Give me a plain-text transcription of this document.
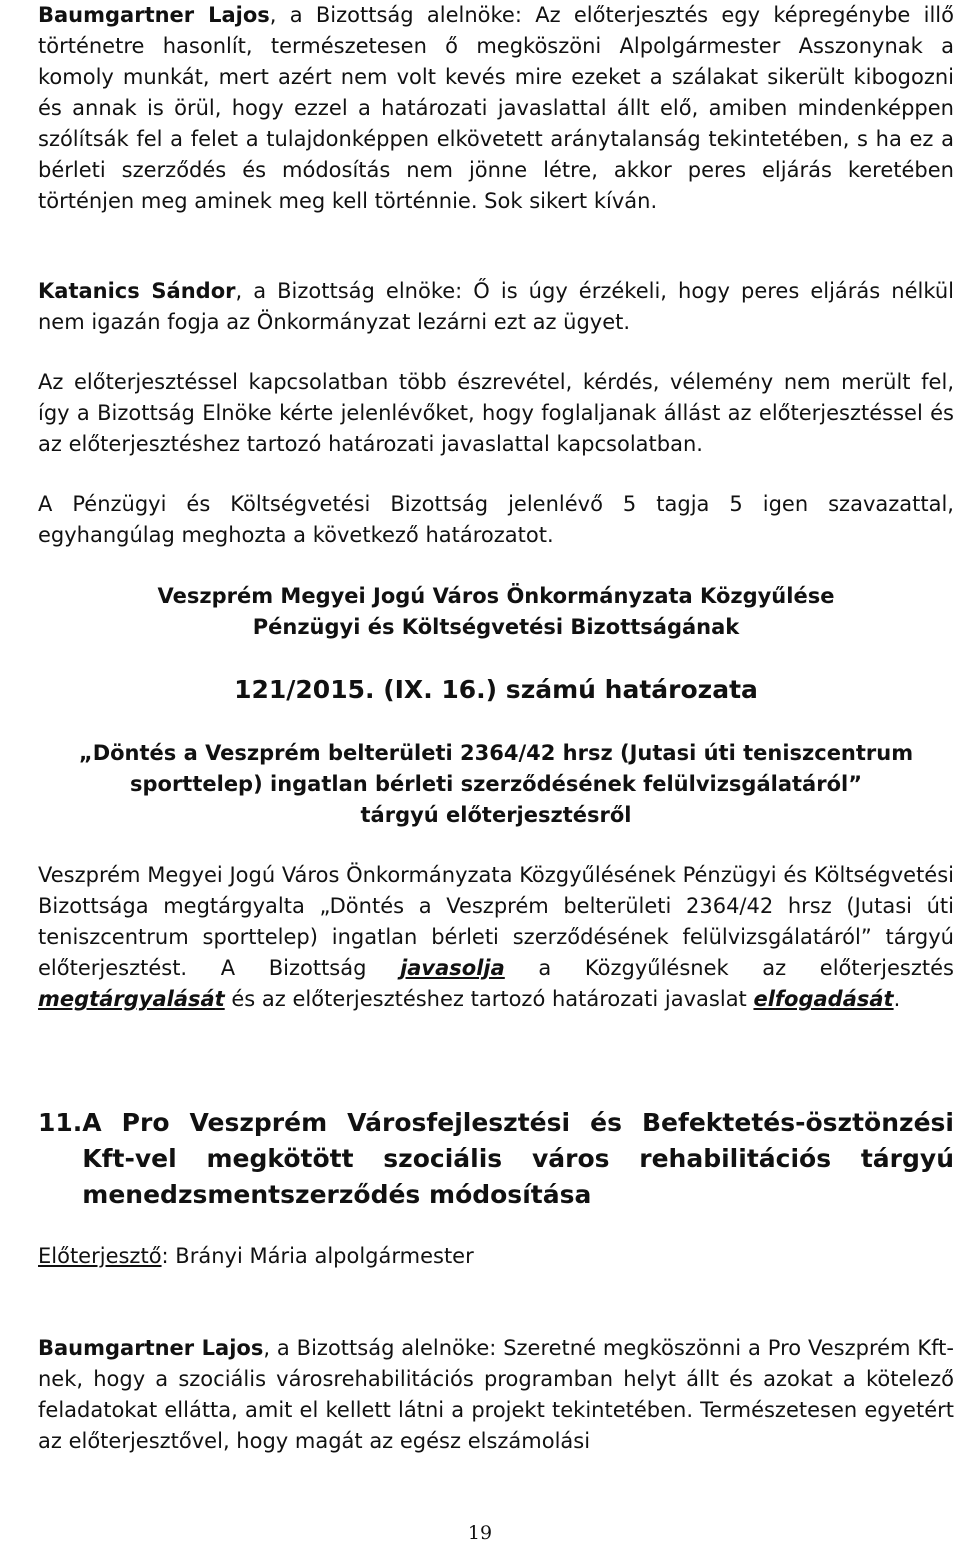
Baumgartner Lajos, a Bizottság alelnöke: Az előterjesztés egy képregénybe illő történetre hasonlít, természetesen ő megköszöni Alpolgármester Asszonynak a komoly munkát, mert azért nem volt kevés mire ezeket a szálakat sikerült kibogozni és annak is örül, hogy ezzel a határozati javaslattal állt elő, amiben mindenképpen szólítsák fel a felet a tulajdonképpen elkövetett aránytalanság tekintetében, s ha ez a bérleti szerződés és módosítás nem jönne létre, akkor peres eljárás keretében történjen meg aminek meg kell történnie. Sok sikert kíván.

Katanics Sándor, a Bizottság elnöke: Ő is úgy érzékeli, hogy peres eljárás nélkül nem igazán fogja az Önkormányzat lezárni ezt az ügyet.

Az előterjesztéssel kapcsolatban több észrevétel, kérdés, vélemény nem merült fel, így a Bizottság Elnöke kérte jelenlévőket, hogy foglaljanak állást az előterjesztéssel és az előterjesztéshez tartozó határozati javaslattal kapcsolatban.

A Pénzügyi és Költségvetési Bizottság jelenlévő 5 tagja 5 igen szavazattal, egyhangúlag meghozta a következő határozatot.

Veszprém Megyei Jogú Város Önkormányzata Közgyűlése
Pénzügyi és Költségvetési Bizottságának
121/2015. (IX. 16.) számú határozata
„Döntés a Veszprém belterületi 2364/42 hrsz (Jutasi úti teniszcentrum
sporttelep) ingatlan bérleti szerződésének felülvizsgálatáról”
tárgyú előterjesztésről

Veszprém Megyei Jogú Város Önkormányzata Közgyűlésének Pénzügyi és Költségvetési Bizottsága megtárgyalta „Döntés a Veszprém belterületi 2364/42 hrsz (Jutasi úti teniszcentrum sporttelep) ingatlan bérleti szerződésének felülvizsgálatáról” tárgyú előterjesztést. A Bizottság javasolja a Közgyűlésnek az előterjesztés megtárgyalását és az előterjesztéshez tartozó határozati javaslat elfogadását.

11. A Pro Veszprém Városfejlesztési és Befektetés-ösztönzési Kft-vel megkötött szociális város rehabilitációs tárgyú menedzsmentszerződés módosítása

Előterjesztő: Brányi Mária alpolgármester

Baumgartner Lajos, a Bizottság alelnöke: Szeretné megköszönni a Pro Veszprém Kft-nek, hogy a szociális városrehabilitációs programban helyt állt és azokat a kötelező feladatokat ellátta, amit el kellett látni a projekt tekintetében. Természetesen egyetért az előterjesztővel, hogy magát az egész elszámolási

19
